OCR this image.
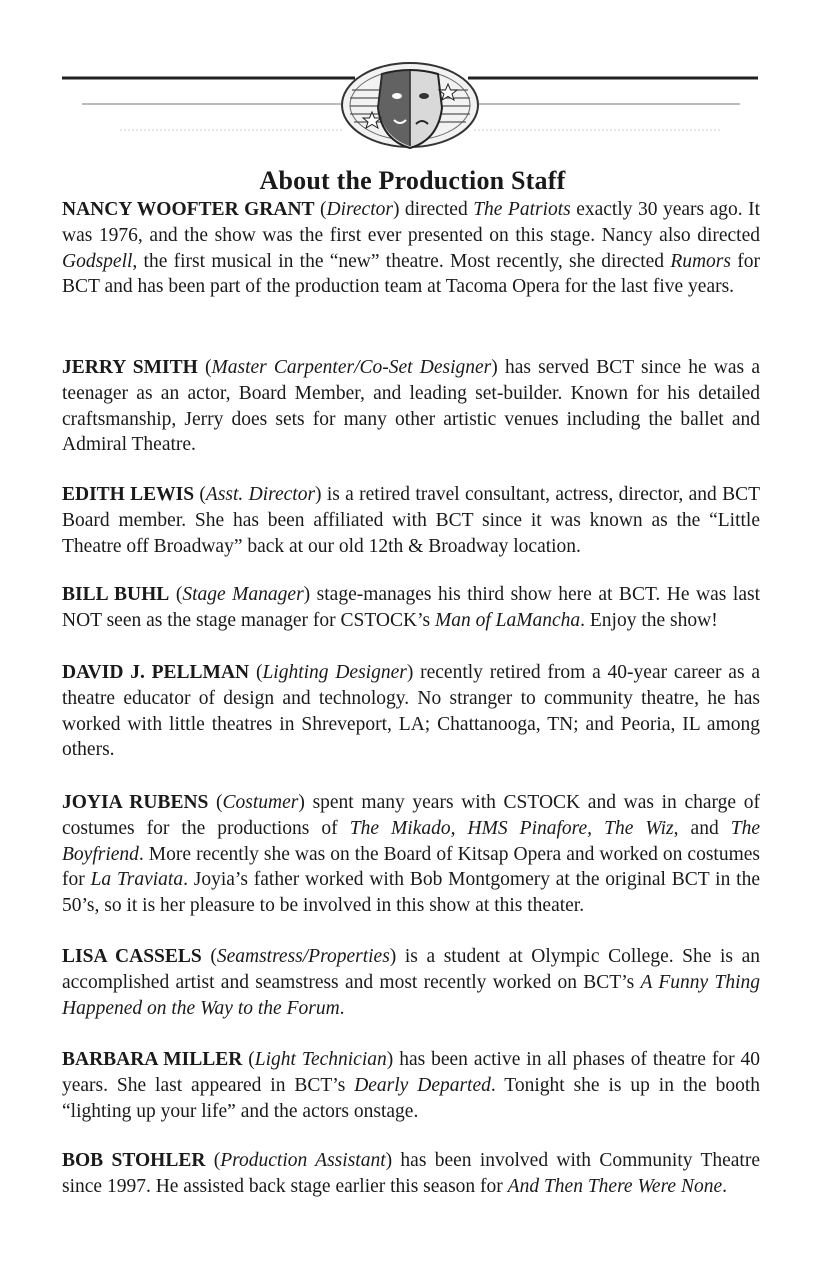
About the Production Staff

NANCY WOOFTER GRANT (Director) directed The Patriots exactly 30 years ago. It was 1976, and the show was the first ever presented on this stage. Nancy also directed Godspell, the first musical in the “new” theatre. Most recently, she directed Rumors for BCT and has been part of the production team at Tacoma Opera for the last five years.

JERRY SMITH (Master Carpenter/Co-Set Designer) has served BCT since he was a teenager as an actor, Board Member, and leading set-builder. Known for his detailed craftsmanship, Jerry does sets for many other artistic venues including the ballet and Admiral Theatre.

EDITH LEWIS (Asst. Director) is a retired travel consultant, actress, director, and BCT Board member. She has been affiliated with BCT since it was known as the “Little Theatre off Broadway” back at our old 12th & Broadway location.

BILL BUHL (Stage Manager) stage-manages his third show here at BCT. He was last NOT seen as the stage manager for CSTOCK’s Man of LaMancha. Enjoy the show!

DAVID J. PELLMAN (Lighting Designer) recently retired from a 40-year career as a theatre educator of design and technology. No stranger to community theatre, he has worked with little theatres in Shreveport, LA; Chattanooga, TN; and Peoria, IL among others.

JOYIA RUBENS (Costumer) spent many years with CSTOCK and was in charge of costumes for the productions of The Mikado, HMS Pinafore, The Wiz, and The Boyfriend. More recently she was on the Board of Kitsap Opera and worked on costumes for La Traviata. Joyia’s father worked with Bob Montgomery at the original BCT in the 50’s, so it is her pleasure to be involved in this show at this theater.

LISA CASSELS (Seamstress/Properties) is a student at Olympic College. She is an accomplished artist and seamstress and most recently worked on BCT’s A Funny Thing Happened on the Way to the Forum.

BARBARA MILLER (Light Technician) has been active in all phases of theatre for 40 years. She last appeared in BCT’s Dearly Departed. Tonight she is up in the booth “lighting up your life” and the actors onstage.

BOB STOHLER (Production Assistant) has been involved with Community Theatre since 1997. He assisted back stage earlier this season for And Then There Were None.
